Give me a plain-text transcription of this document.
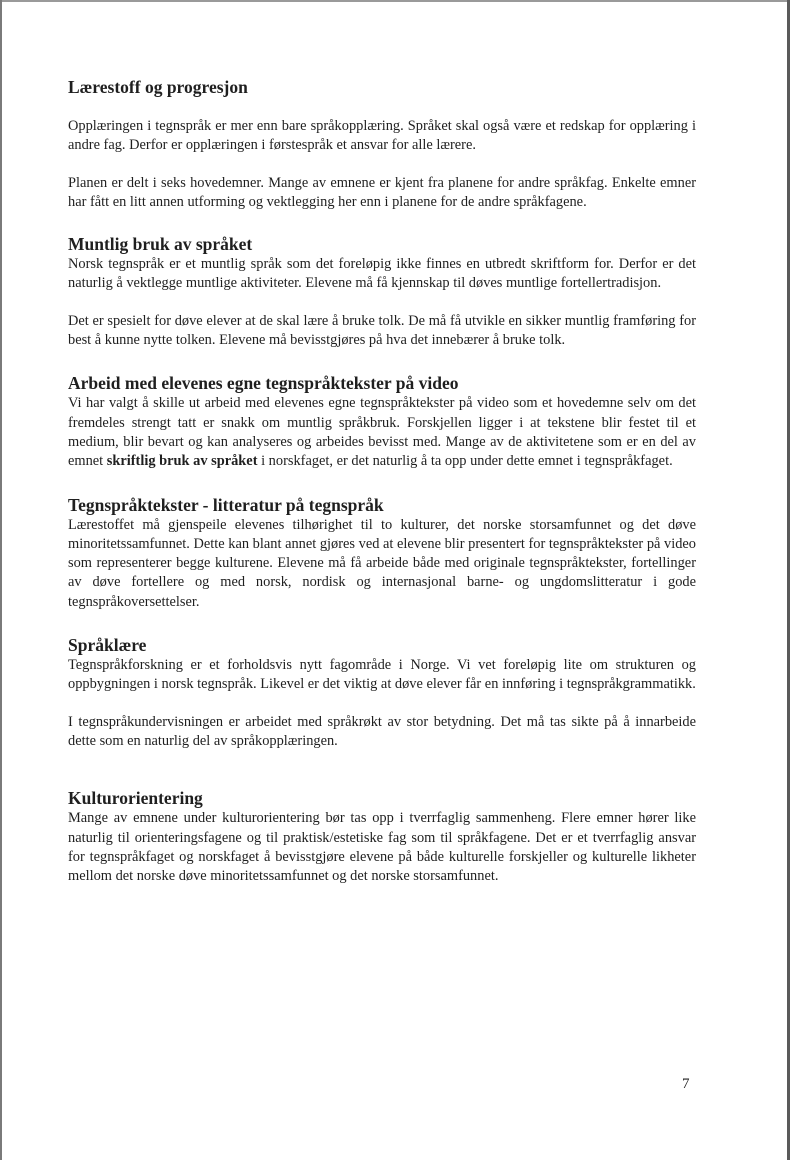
Lærestoff og progresjon

Opplæringen i tegnspråk er mer enn bare språkopplæring. Språket skal også være et redskap for opplæring i andre fag. Derfor er opplæringen i førstespråk et ansvar for alle lærere.

Planen er delt i seks hovedemner. Mange av emnene er kjent fra planene for andre språkfag. Enkelte emner har fått en litt annen utforming og vektlegging her enn i planene for de andre språkfagene.

Muntlig bruk av språket

Norsk tegnspråk er et muntlig språk som det foreløpig ikke finnes en utbredt skriftform for. Derfor er det naturlig å vektlegge muntlige aktiviteter. Elevene må få kjennskap til døves muntlige fortellertradisjon.

Det er spesielt for døve elever at de skal lære å bruke tolk. De må få utvikle en sikker muntlig framføring for best å kunne nytte tolken. Elevene må bevisstgjøres på hva det innebærer å bruke tolk.

Arbeid med elevenes egne tegnspråktekster på video

Vi har valgt å skille ut arbeid med elevenes egne tegnspråktekster på video som et hovedemne selv om det fremdeles strengt tatt er snakk om muntlig språkbruk. Forskjellen ligger i at tekstene blir festet til et medium, blir bevart og kan analyseres og arbeides bevisst med. Mange av de aktivitetene som er en del av emnet skriftlig bruk av språket i norskfaget, er det naturlig å ta opp under dette emnet i tegnspråkfaget.

Tegnspråktekster - litteratur på tegnspråk

Lærestoffet må gjenspeile elevenes tilhørighet til to kulturer, det norske storsamfunnet og det døve minoritetssamfunnet. Dette kan blant annet gjøres ved at elevene blir presentert for tegnspråktekster på video som representerer begge kulturene. Elevene må få arbeide både med originale tegnspråktekster, fortellinger av døve fortellere og med norsk, nordisk og internasjonal barne- og ungdomslitteratur i gode tegnspråkoversettelser.

Språklære

Tegnspråkforskning er et forholdsvis nytt fagområde i Norge. Vi vet foreløpig lite om strukturen og oppbygningen i norsk tegnspråk. Likevel er det viktig at døve elever får en innføring i tegnspråkgrammatikk.

I tegnspråkundervisningen er arbeidet med språkrøkt av stor betydning. Det må tas sikte på å innarbeide dette som en naturlig del av språkopplæringen.

Kulturorientering

Mange av emnene under kulturorientering bør tas opp i tverrfaglig sammenheng. Flere emner hører like naturlig til orienteringsfagene og til praktisk/estetiske fag som til språkfagene. Det er et tverrfaglig ansvar for tegnspråkfaget og norskfaget å bevisstgjøre elevene på både kulturelle forskjeller og kulturelle likheter mellom det norske døve minoritetssamfunnet og det norske storsamfunnet.

7
